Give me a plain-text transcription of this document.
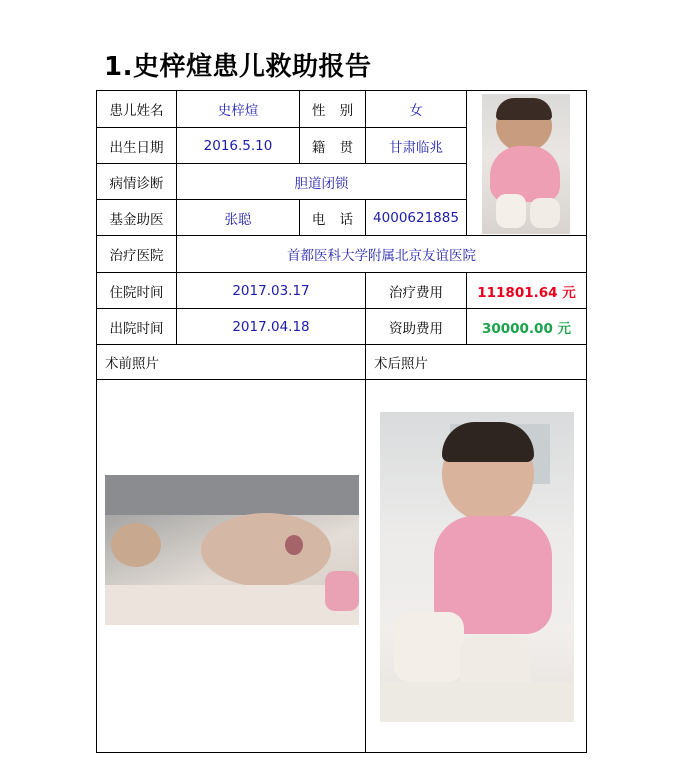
1.史梓煊患儿救助报告
患儿姓名	史梓煊	性 别	女	

出生日期	2016.5.10	籍 贯	甘肃临兆	
病情诊断	胆道闭锁			
基金助医	张聪	电 话	4000621885	
治疗医院	首都医科大学附属北京友谊医院			
住院时间	2017.03.17		治疗费用	111801.64 元
出院时间	2017.04.18		资助费用	30000.00 元
术前照片			术后照片	
